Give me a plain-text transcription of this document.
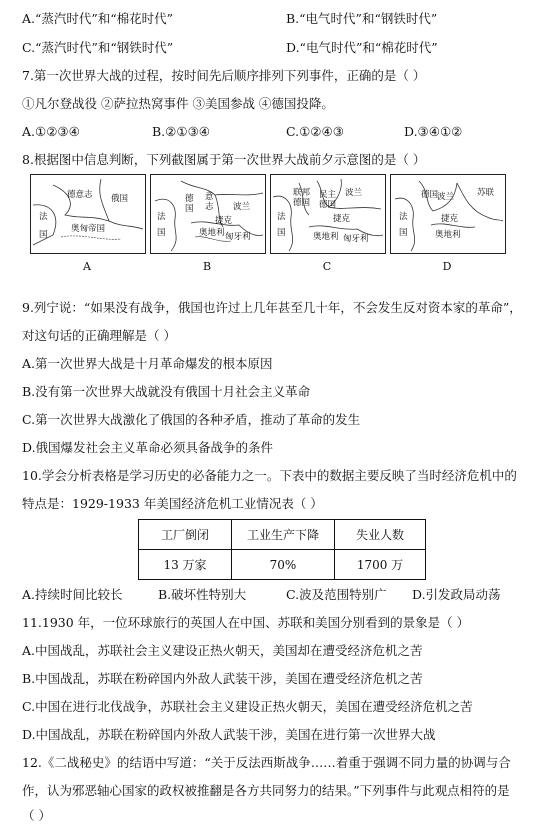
A.“蒸汽时代”和“棉花时代”	B.“电气时代”和“钢铁时代”
C.“蒸汽时代”和“钢铁时代”	D.“电气时代”和“棉花时代”
7.第一次世界大战的过程，按时间先后顺序排列下列事件，正确的是（ ）
①凡尔登战役 ②萨拉热窝事件 ③美国参战 ④德国投降。
A.①②③④	B.②①③④	C.①②④③	D.③④①②
8.根据图中信息判断，下列截图属于第一次世界大战前夕示意图的是（ ）
德意志 俄国
法
国
奥匈帝国
德
国
意
志
法
国
波兰
奥地利 匈牙利
捷克
联邦
德国
波兰
民主
德国
法
国
捷克
奥地利 匈牙利
德国
波兰	苏联
法
国
捷克
奥地利
A	B	C	D
9.列宁说：“如果没有战争，俄国也许过上几年甚至几十年，不会发生反对资本家的革命”，
对这句话的正确理解是（ ）
A.第一次世界大战是十月革命爆发的根本原因
B.没有第一次世界大战就没有俄国十月社会主义革命
C.第一次世界大战激化了俄国的各种矛盾，推动了革命的发生
D.俄国爆发社会主义革命必须具备战争的条件
10.学会分析表格是学习历史的必备能力之一。下表中的数据主要反映了当时经济危机中的
特点是：1929-1933 年美国经济危机工业情况表（ ）
工厂倒闭	工业生产下降	失业人数
13 万家	70%	1700 万
A.持续时间比较长	B.破坏性特别大	C.波及范围特别广 D.引发政局动荡
11.1930 年，一位环球旅行的英国人在中国、苏联和美国分别看到的景象是（ ）
A.中国战乱，苏联社会主义建设正热火朝天，美国却在遭受经济危机之苦
B.中国战乱，苏联在粉碎国内外敌人武装干涉，美国在遭受经济危机之苦
C.中国在进行北伐战争，苏联社会主义建设正热火朝天，美国在遭受经济危机之苦
D.中国战乱，苏联在粉碎国内外敌人武装干涉，美国在进行第一次世界大战
12.《二战秘史》的结语中写道：“关于反法西斯战争……着重于强调不同力量的协调与合
作，认为邪恶轴心国家的政权被推翻是各方共同努力的结果。”下列事件与此观点相符的是
（ ）
